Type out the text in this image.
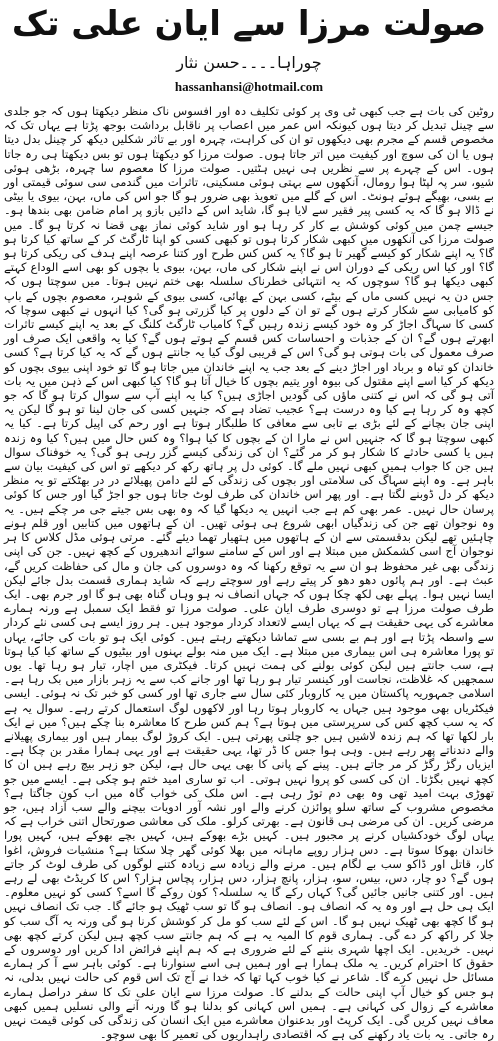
صولت مرزا سے ایان علی تک
چوراہا۔۔۔۔حسن نثار
hassanhansi@hotmail.com

روٹین کی بات ہے جب کبھی ٹی وی پر کوئی تکلیف دہ اور افسوس ناک منظر دیکھتا ہوں کہ جو جلدی سے چینل تبدیل کر دیتا ہوں کیونکہ اس عمر میں اعصاب پر ناقابل برداشت بوجھ پڑتا ہے یہاں تک کہ مخصوص قسم کے مجرم بھی دیکھوں تو ان کی کراہت، چہرہ اور بے تاثر شکلیں دیکھ کر چینل بدل دیتا ہوں یا ان کی سوچ اور کیفیت میں اتر جاتا ہوں۔ صولت مرزا کو دیکھتا ہوں تو بس دیکھتا ہی رہ جاتا ہوں۔ اس کے چہرے پر سے نظریں ہی نہیں ہٹتیں۔ صولت مرزا کا معصوم سا چہرہ، بڑھی ہوئی شیو، سر پہ لپٹا ہوا رومال، آنکھوں سے بہتی ہوئی مسکینی، تاثرات میں گندمی سی سوئی قیمتی اور بے بسی، بھیگے ہوئے ہونٹ۔ اس کے گلے میں تعویذ بھی ضرور ہو گا جو اس کی ماں، بہن، بیوی یا بیٹی نے ڈالا ہو گا کہ یہ کسی پیر فقیر سے لایا ہو گا، شاید اس کے دائیں بازو پر امام ضامن بھی بندھا ہو۔ جیسے چمن میں کوئی کوشش بے کار کر رہا ہو اور شاید کوئی نماز بھی قضا نہ کرتا ہو گا۔ میں صولت مرزا کی آنکھوں میں کبھی شکار کرتا ہوں تو کبھی کسی کو اپنا ٹارگٹ کر کے ساتھ کیا کرتا ہو گا؟ یہ اپنے شکار کو کیسے گھیر تا ہو گا؟ یہ کس کس طرح اور کتنا عرصہ اپنے ہدف کی ریکی کرتا ہو گا؟ اور کیا اس ریکی کے دوران اس نے اپنے شکار کی ماں، بہن، بیوی یا بچوں کو بھی اسے الوداع کہتے کبھی دیکھا ہو گا؟ سوچوں کہ یہ انتہائی خطرناک سلسلہ بھی ختم نہیں ہوتا۔ میں سوچتا ہوں کہ جس دن یہ نہیں کسی ماں کے بیٹے، کسی بہن کے بھائی، کسی بیوی کے شوہر، معصوم بچوں کے باپ کو کامیابی سے شکار کرتے ہوں گے تو ان کے دلوں پر کیا گزرتی ہو گی؟ کیا انہوں نے کبھی سوچا کہ کسی کا سہاگ اجاڑ کر وہ خود کیسے زندہ رہیں گے؟ کامیاب ٹارگٹ کلنگ کے بعد یہ اپنے کیسے تاثرات ابھرتے ہوں گے؟ ان کے جذبات و احساسات کس قسم کے ہوتے ہوں گے؟ کیا یہ واقعی ایک صرف اور صرف معمول کی بات ہوتی ہو گی؟ اس کے قریبی لوگ کیا یہ جانتے ہوں گے کہ یہ کیا کرتا ہے؟ کسی خاندان کو تباہ و برباد اور اجاڑ دینے کے بعد جب یہ اپنے خاندان میں جاتا ہو گا تو خود اپنی بیوی بچوں کو دیکھ کر کیا اسے اپنے مقتول کی بیوہ اور یتیم بچوں کا خیال آتا ہو گا؟ کیا کبھی اس کے ذہن میں یہ بات آتی ہو گی کہ اس نے کتنی ماؤں کی گودیں اجاڑی ہیں؟ کیا یہ اپنے آپ سے سوال کرتا ہو گا کہ جو کچھ وہ کر رہا ہے کیا وہ درست ہے؟ عجیب تضاد ہے کہ جنہیں کسی کی جان لینا تو ہو گا لیکن یہ اپنی جان بچانے کے لئے بڑی بے تابی سے معافی کا طلبگار ہوتا ہے اور رحم کی اپیل کرتا ہے۔ کیا یہ کبھی سوچتا ہو گا کہ جنہیں اس نے مارا ان کے بچوں کا کیا ہوا؟ وہ کس حال میں ہیں؟ کیا وہ زندہ ہیں یا کسی حادثے کا شکار ہو کر مر گئے؟ ان کی زندگی کیسے گزر رہی ہو گی؟ یہ خوفناک سوال ہیں جن کا جواب ہمیں کبھی نہیں ملے گا۔ کوئی دل پر ہاتھ رکھ کر دیکھے تو اس کی کیفیت بیان سے باہر ہے۔ وہ اپنے سہاگ کی سلامتی اور بچوں کی زندگی کے لئے دامن پھیلائے در در بھٹکتے تو یہ منظر دیکھ کر دل ڈوبنے لگتا ہے۔ اور پھر اس خاندان کی طرف لوٹ جاتا ہوں جو اجڑ گیا اور جس کا کوئی پرسان حال نہیں۔ عمر بھی کم ہے جب انہیں یہ دیکھا گیا کہ وہ بھی بس جیتے جی مر چکے ہیں۔ یہ وہ نوجوان تھے جن کی زندگیاں ابھی شروع ہی ہوئی تھیں۔ ان کے ہاتھوں میں کتابیں اور قلم ہونے چاہئیں تھے لیکن بدقسمتی سے ان کے ہاتھوں میں ہتھیار تھما دیئے گئے۔ مرتی ہوئی مڈل کلاس کا ہر نوجوان آج اسی کشمکش میں مبتلا ہے اور اس کے سامنے سوائے اندھیروں کے کچھ نہیں۔ جن کی اپنی زندگی بھی غیر محفوظ ہو ان سے یہ توقع رکھنا کہ وہ دوسروں کی جان و مال کی حفاظت کریں گے، عبث ہے۔ اور ہم پائوں دھو دھو کر پیتے رہے اور سوچتے رہے کہ شاید ہماری قسمت بدل جائے لیکن ایسا نہیں ہوا۔ پہلے بھی لکھ چکا ہوں کہ جہاں انصاف نہ ہو وہاں گناہ بھی ہو گا اور جرم بھی۔ ایک طرف صولت مرزا ہے تو دوسری طرف ایان علی۔ صولت مرزا تو فقط ایک سمبل ہے ورنہ ہمارے معاشرے کی یہی حقیقت ہے کہ یہاں ایسے لاتعداد کردار موجود ہیں۔ ہر روز ایسے ہی کسی نئے کردار سے واسطہ پڑتا ہے اور ہم بے بسی سے تماشا دیکھتے رہتے ہیں۔ کوئی ایک ہو تو بات کی جائے، یہاں تو پورا معاشرہ ہی اس بیماری میں مبتلا ہے۔ ایک میں منہ بولے بہنوں اور بیٹیوں کے ساتھ کیا کیا ہوتا ہے، سب جانتے ہیں لیکن کوئی بولنے کی ہمت نہیں کرتا۔ فیکٹری میں اچار، تیار ہو رہا تھا۔ یوں سمجھیں کہ غلاظت، نجاست اور کینسر تیار ہو رہا تھا اور جانے کب سے یہ زہر بازار میں بک رہا ہے۔ اسلامی جمہوریہ پاکستان میں یہ کاروبار کئی سال سے جاری تھا اور کسی کو خبر تک نہ ہوئی۔ ایسی فیکٹریاں بھی موجود ہیں جہاں یہ کاروبار ہوتا رہا اور لاکھوں لوگ استعمال کرتے رہے۔ سوال یہ ہے کہ یہ سب کچھ کس کی سرپرستی میں ہوتا ہے؟ ہم کس طرح کا معاشرہ بنا چکے ہیں؟ میں نے ایک بار لکھا تھا کہ ہم زندہ لاشیں ہیں جو چلتی پھرتی ہیں۔ ایک کروڑ لوگ بیمار ہیں اور بیماری پھیلانے والے دندناتے پھر رہے ہیں۔ وہی ہوا جس کا ڈر تھا، یہی حقیقت ہے اور یہی ہمارا مقدر بن چکا ہے۔ ایزیاں رگڑ رگڑ کر مر جاتے ہیں۔ پینے کے پانی کا بھی یہی حال ہے، لیکن جو زہر بیچ رہے ہیں ان کا کچھ نہیں بگڑتا۔ ان کی کسی کو پروا نہیں ہوتی۔ اب تو ساری امید ختم ہو چکی ہے۔ ایسے میں جو تھوڑی بہت امید تھی وہ بھی دم توڑ رہی ہے۔ اس ملک کی خواب گاہ میں اب کون جاگتا ہے؟ مخصوص مشروب کے ساتھ سلو پوائزن کرنے والے اور نشہ آور ادویات بیچنے والے سب آزاد ہیں، جو مرضی کریں۔ ان کی مرضی ہی قانون ہے۔ بھرتی کرلو۔ ملک کی معاشی صورتحال اتنی خراب ہے کہ یہاں لوگ خودکشیاں کرنے پر مجبور ہیں۔ کہیں بڑے بھوکے ہیں، کہیں بچے بھوکے ہیں، کہیں پورا خاندان بھوکا سوتا ہے۔ دس ہزار روپے ماہانہ میں بھلا کوئی گھر چلا سکتا ہے؟ منشیات فروش، اغوا کار، قاتل اور ڈاکو سب بے لگام ہیں۔ مرنے والے زیادہ سے زیادہ کتنے لوگوں کی طرف لوٹ کر جاتے ہوں گے؟ دو چار، دس، بیس، سو، ہزار، پانچ ہزار، دس ہزار، پچاس ہزار؟ اس کا کریڈٹ بھی لے رہے ہیں۔ اور کتنی جانیں جائیں گی؟ کہاں رکے گا یہ سلسلہ؟ کون روکے گا اسے؟ کسی کو نہیں معلوم۔ ایک ہی حل ہے اور وہ یہ کہ انصاف ہو۔ انصاف ہو گا تو سب ٹھیک ہو جائے گا۔ جب تک انصاف نہیں ہو گا کچھ بھی ٹھیک نہیں ہو گا۔ اس کے لئے سب کو مل کر کوشش کرنا ہو گی ورنہ یہ آگ سب کو جلا کر راکھ کر دے گی۔ ہماری قوم کا المیہ یہ ہے کہ ہم جانتے سب کچھ ہیں لیکن کرتے کچھ بھی نہیں۔ خریدیں۔ ایک اچھا شہری بننے کے لئے ضروری ہے کہ ہم اپنے فرائض ادا کریں اور دوسروں کے حقوق کا احترام کریں۔ یہ ملک ہمارا ہے اور ہمیں ہی اسے سنوارنا ہے۔ کوئی باہر سے آ کر ہمارے مسائل حل نہیں کرے گا۔ شاعر نے کیا خوب کہا تھا کہ خدا نے آج تک اس قوم کی حالت نہیں بدلی، نہ ہو جس کو خیال آپ اپنی حالت کے بدلنے کا۔ صولت مرزا سے ایان علی تک کا سفر دراصل ہمارے معاشرے کے زوال کی کہانی ہے۔ ہمیں اس کہانی کو بدلنا ہو گا ورنہ آنے والی نسلیں ہمیں کبھی معاف نہیں کریں گی۔ ایک کرپٹ اور بدعنوان معاشرے میں ایک انسان کی زندگی کی کوئی قیمت نہیں رہ جاتی۔ یہ بات یاد رکھنے کی ہے کہ اقتصادی راہداریوں کی تعمیر کا بھی سوچو۔
